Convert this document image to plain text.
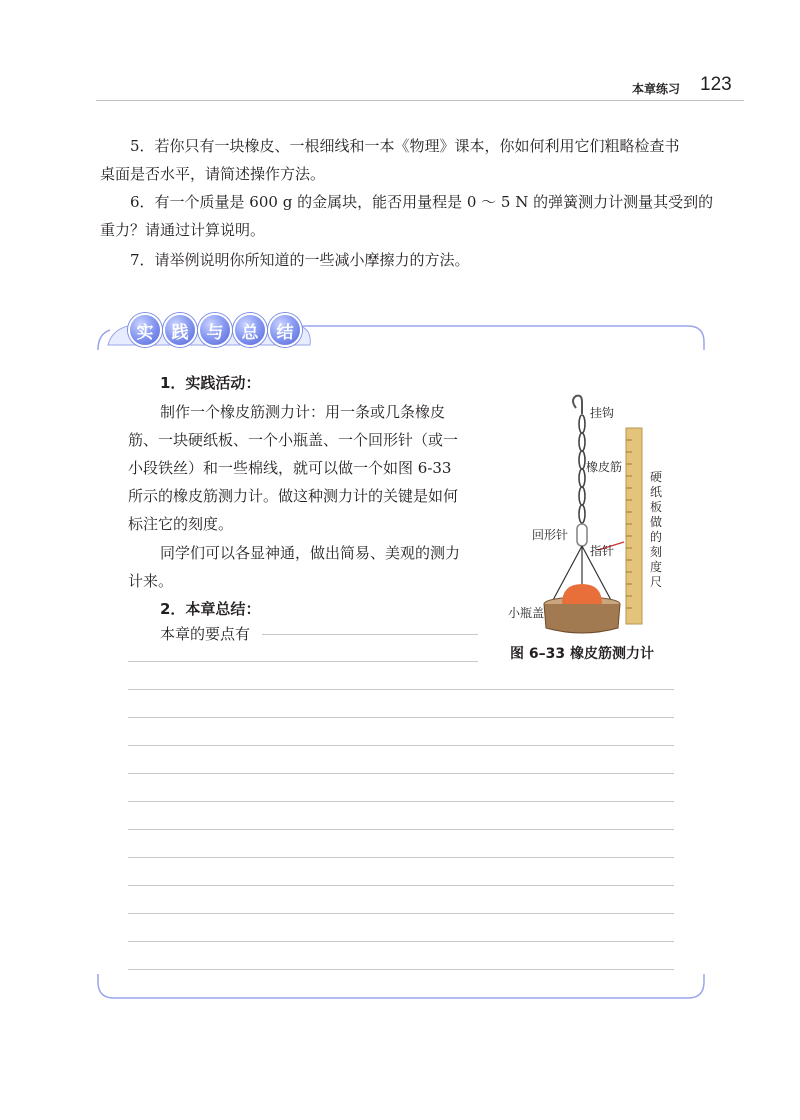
本章练习 123
5．若你只有一块橡皮、一根细线和一本《物理》课本，你如何利用它们粗略检查书
桌面是否水平，请简述操作方法。
6．有一个质量是 600 g 的金属块，能否用量程是 0 ～ 5 N 的弹簧测力计测量其受到的
重力？请通过计算说明。
7．请举例说明你所知道的一些减小摩擦力的方法。
实	践	与	总	结
1．实践活动：
制作一个橡皮筋测力计：用一条或几条橡皮
筋、一块硬纸板、一个小瓶盖、一个回形针（或一
小段铁丝）和一些棉线，就可以做一个如图 6-33
所示的橡皮筋测力计。做这种测力计的关键是如何
标注它的刻度。
同学们可以各显神通，做出简易、美观的测力
计来。
2．本章总结：
本章的要点有
挂钩
橡皮筋
回形针
指针
小瓶盖
硬纸板做的刻度尺
图 6–33 橡皮筋测力计
